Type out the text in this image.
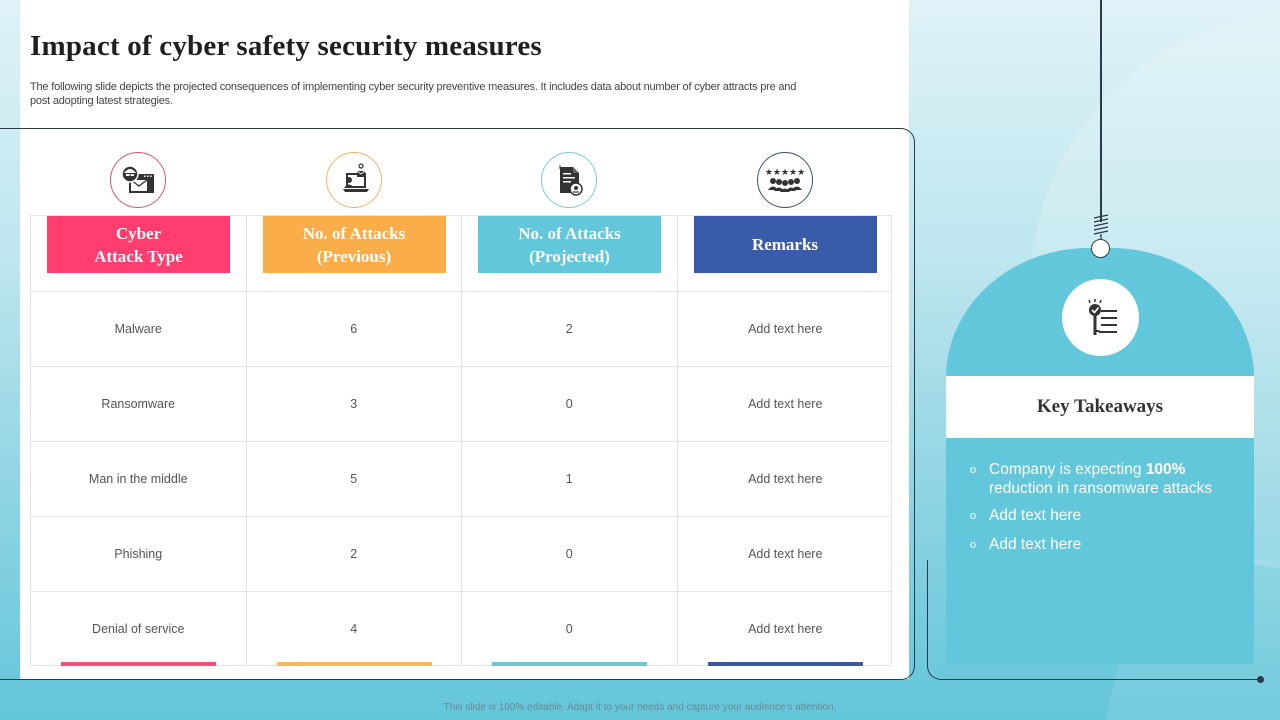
Impact of cyber safety security measures

The following slide depicts the projected consequences of implementing cyber security preventive measures. It includes data about number of cyber attracts pre and post adopting latest strategies.

★★★★★
Cyber
Attack Type
Malware
Ransomware
Man in the middle
Phishing
Denial of service
No. of Attacks
(Previous)
6
3
5
2
4
No. of Attacks
(Projected)
2
0
1
0
0
Remarks
Add text here
Add text here
Add text here
Add text here
Add text here
Key Takeaways
o Company is expecting 100% reduction in ransomware attacks
o Add text here
o Add text here
This slide is 100% editable. Adapt it to your needs and capture your audience's attention.
